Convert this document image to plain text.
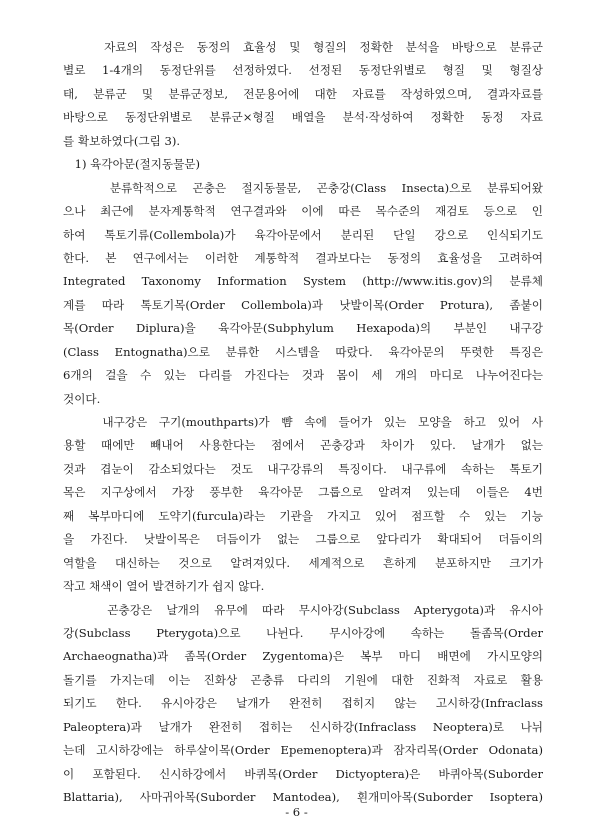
　　자료의 작성은 동정의 효율성 및 형질의 정확한 분석을 바탕으로 분류군
별로 1-4개의 동정단위를 선정하였다. 선정된 동정단위별로 형질 및 형질상
태, 분류군 및 분류군정보, 전문용어에 대한 자료를 작성하였으며, 결과자료를
바탕으로 동정단위별로 분류군×형질 배열을 분석·작성하여 정확한 동정 자료
를 확보하였다(그림 3).
　1) 육각아문(절지동물문)
　　분류학적으로 곤충은 절지동물문, 곤충강(Class Insecta)으로 분류되어왔
으나 최근에 분자계통학적 연구결과와 이에 따른 목수준의 재검토 등으로 인
하여 톡토기류(Collembola)가 육각아문에서 분리된 단일 강으로 인식되기도
한다. 본 연구에서는 이러한 계통학적 결과보다는 동정의 효율성을 고려하여
Integrated Taxonomy Information System (http://www.itis.gov)의 분류체
계를 따라 톡토기목(Order Collembola)과 낫발이목(Order Protura), 좀붙이
목(Order Diplura)을 육각아문(Subphylum Hexapoda)의 부분인 내구강
(Class Entognatha)으로 분류한 시스템을 따랐다. 육각아문의 뚜렷한 특징은
6개의 걸을 수 있는 다리를 가진다는 것과 몸이 세 개의 마디로 나누어진다는
것이다.
　　내구강은 구기(mouthparts)가 뺨 속에 들어가 있는 모양을 하고 있어 사
용할 때에만 빼내어 사용한다는 점에서 곤충강과 차이가 있다. 날개가 없는
것과 겹눈이 감소되었다는 것도 내구강류의 특징이다. 내구류에 속하는 톡토기
목은 지구상에서 가장 풍부한 육각아문 그룹으로 알려져 있는데 이들은 4번
째 복부마디에 도약기(furcula)라는 기관을 가지고 있어 점프할 수 있는 기능
을 가진다. 낫발이목은 더듬이가 없는 그룹으로 앞다리가 확대되어 더듬이의
역할을 대신하는 것으로 알려져있다. 세계적으로 흔하게 분포하지만 크기가
작고 채색이 열어 발견하기가 쉽지 않다.
　　곤충강은 날개의 유무에 따라 무시아강(Subclass Apterygota)과 유시아
강(Subclass Pterygota)으로 나뉜다. 무시아강에 속하는 돌좀목(Order
Archaeognatha)과 좀목(Order Zygentoma)은 복부 마디 배면에 가시모양의
돌기를 가지는데 이는 진화상 곤충류 다리의 기원에 대한 진화적 자료로 활용
되기도 한다. 유시아강은 날개가 완전히 접히지 않는 고시하강(Infraclass
Paleoptera)과 날개가 완전히 접히는 신시하강(Infraclass Neoptera)로 나뉘
는데 고시하강에는 하루살이목(Order Epemenoptera)과 잠자리목(Order Odonata)
이 포함된다. 신시하강에서 바퀴목(Order Dictyoptera)은 바퀴아목(Suborder
Blattaria), 사마귀아목(Suborder Mantodea), 흰개미아목(Suborder Isoptera)
- 6 -
